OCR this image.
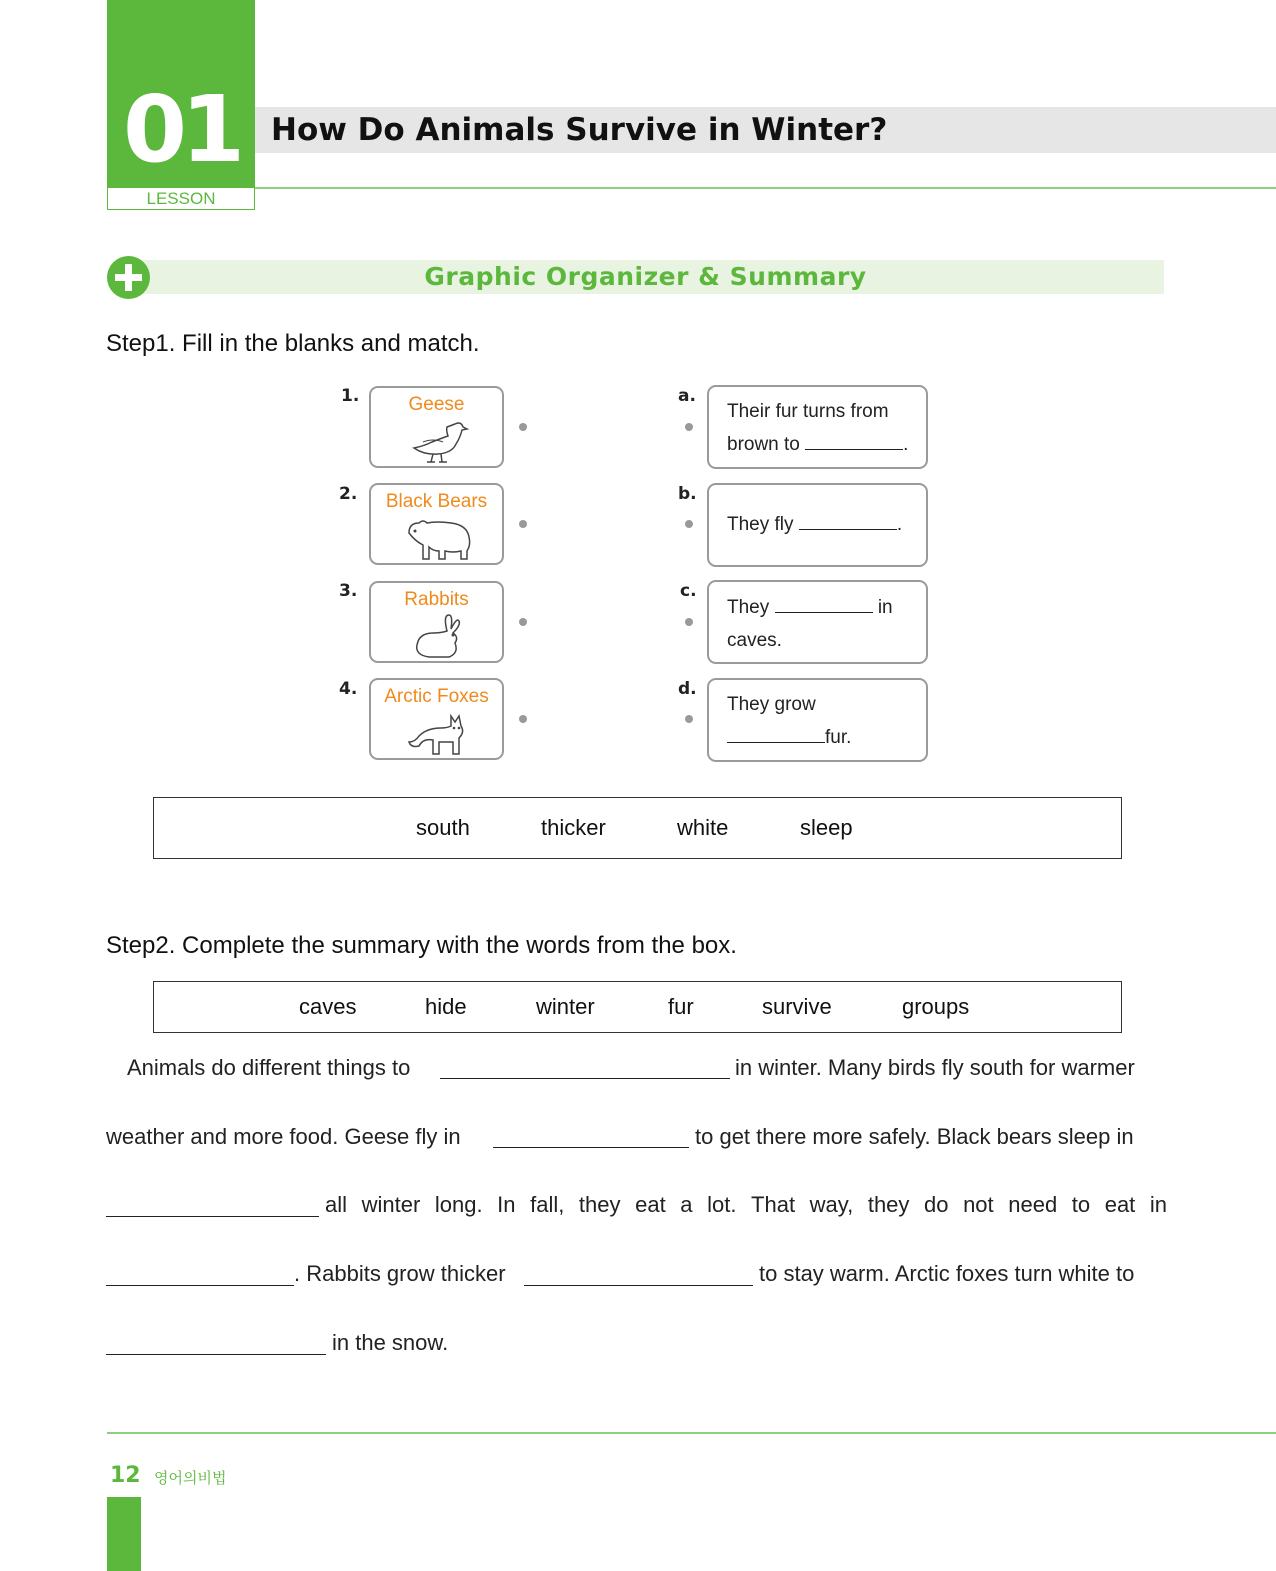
01
LESSON
How Do Animals Survive in Winter?
Graphic Organizer & Summary
Step1. Fill in the blanks and match.
1.	Geese
2.	Black Bears
3.	Rabbits
4.	Arctic Foxes
a.
Their fur turns from
brown to	.
b.
They fly	.
c.
They	in
caves.
d.
They grow
fur.
south	thicker	white	sleep
Step2. Complete the summary with the words from the box.
caves	hide	winter	fur	survive	groups
Animals do different things to	in winter. Many birds fly south for warmer
weather and more food. Geese fly in	to get there more safely. Black bears sleep in
all winter long. In fall, they eat a lot. That way, they do not need to eat in
. Rabbits grow thicker	to stay warm. Arctic foxes turn white to
in the snow.
12 영어의비법
